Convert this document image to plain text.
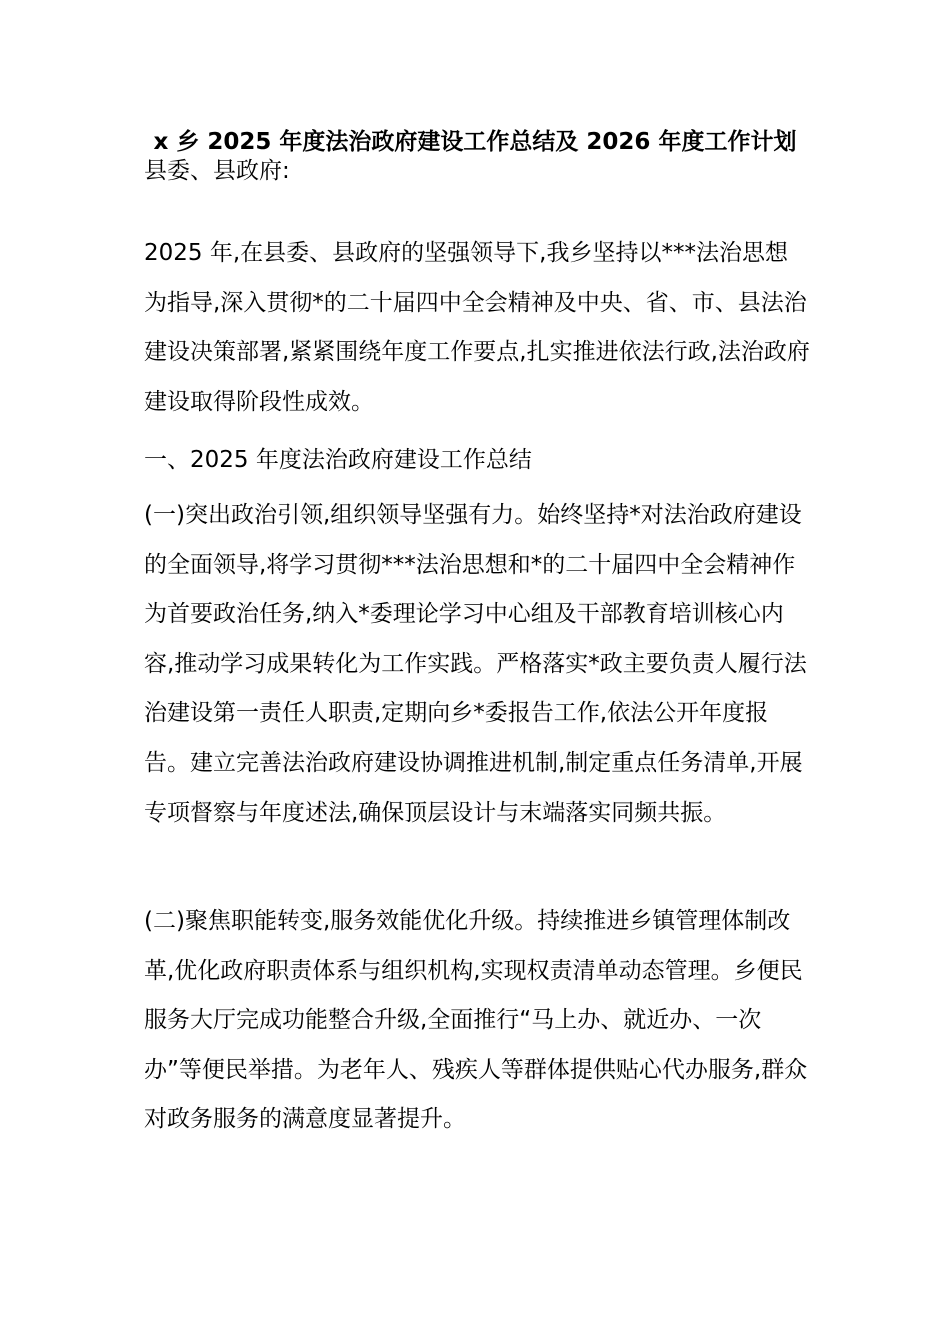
x 乡 2025 年度法治政府建设工作总结及 2026 年度工作计划

县委、县政府:

2025 年,在县委、县政府的坚强领导下,我乡坚持以***法治思想为指导,深入贯彻*的二十届四中全会精神及中央、省、市、县法治建设决策部署,紧紧围绕年度工作要点,扎实推进依法行政,法治政府建设取得阶段性成效。

一、2025 年度法治政府建设工作总结

(一)突出政治引领,组织领导坚强有力。始终坚持*对法治政府建设的全面领导,将学习贯彻***法治思想和*的二十届四中全会精神作为首要政治任务,纳入*委理论学习中心组及干部教育培训核心内容,推动学习成果转化为工作实践。严格落实*政主要负责人履行法治建设第一责任人职责,定期向乡*委报告工作,依法公开年度报告。建立完善法治政府建设协调推进机制,制定重点任务清单,开展专项督察与年度述法,确保顶层设计与末端落实同频共振。

(二)聚焦职能转变,服务效能优化升级。持续推进乡镇管理体制改革,优化政府职责体系与组织机构,实现权责清单动态管理。乡便民服务大厅完成功能整合升级,全面推行“马上办、就近办、一次办”等便民举措。为老年人、残疾人等群体提供贴心代办服务,群众对政务服务的满意度显著提升。
